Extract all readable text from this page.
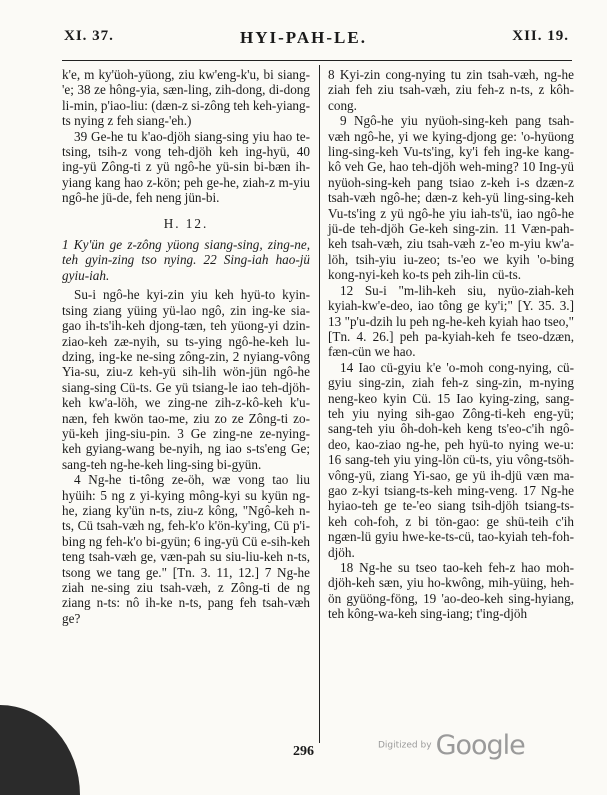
XI. 37.	HYI-PAH-LE.	XII. 19.

k'e, m ky'üoh-yüong, ziu kw'eng-k'u, bi siang-'e; 38 ze hông-yia, sæn-ling, zih-dong, di-dong li-min, p'iao-liu: (dæn-z si-zông teh keh-yiang-ts nying z feh siang-'eh.)

39 Ge-he tu k'ao-djöh siang-sing yiu hao te-tsing, tsih-z vong teh-djöh keh ing-hyü, 40 ing-yü Zông-ti z yü ngô-he yü-sin bi-bæn ih-yiang kang hao z-kön; peh ge-he, ziah-z m-yiu ngô-he jü-de, feh neng jün-bi.

H. 12.

1 Ky'ün ge z-zông yüong siang-sing, zing-ne, teh gyin-zing tso nying. 22 Sing-iah hao-jü gyiu-iah.

Su-i ngô-he kyi-zin yiu keh hyü-to kyin-tsing ziang yüing yü-lao ngô, zin ing-ke sia-gao ih-ts'ih-keh djong-tæn, teh yüong-yi dzin-ziao-keh zæ-nyih, su ts-ying ngô-he-keh lu-dzing, ing-ke ne-sing zông-zin, 2 nyiang-vông Yia-su, ziu-z keh-yü sih-lih wön-jün ngô-he siang-sing Cü-ts. Ge yü tsiang-le iao teh-djöh-keh kw'a-löh, we zing-ne zih-z-kô-keh k'u-næn, feh kwön tao-me, ziu zo ze Zông-ti zo-yü-keh jing-siu-pin. 3 Ge zing-ne ze-nying-keh gyiang-wang be-nyih, ng iao s-ts'eng Ge; sang-teh ng-he-keh ling-sing bi-gyün.

4 Ng-he ti-tông ze-öh, wæ vong tao liu hyüih: 5 ng z yi-kying mông-kyi su kyün ng-he, ziang ky'ün n-ts, ziu-z kông, "Ngô-keh n-ts, Cü tsah-væh ng, feh-k'o k'ön-ky'ing, Cü p'i-bing ng feh-k'o bi-gyün; 6 ing-yü Cü e-sih-keh teng tsah-væh ge, væn-pah su siu-liu-keh n-ts, tsong we tang ge." [Tn. 3. 11, 12.] 7 Ng-he ziah ne-sing ziu tsah-væh, z Zông-ti de ng ziang n-ts: nô ih-ke n-ts, pang feh tsah-væh ge?

8 Kyi-zin cong-nying tu zin tsah-væh, ng-he ziah feh ziu tsah-væh, ziu feh-z n-ts, z kôh-cong.

9 Ngô-he yiu nyüoh-sing-keh pang tsah-væh ngô-he, yi we kying-djong ge: 'o-hyüong ling-sing-keh Vu-ts'ing, ky'i feh ing-ke kang-kô veh Ge, hao teh-djöh weh-ming? 10 Ing-yü nyüoh-sing-keh pang tsiao z-keh i-s dzæn-z tsah-væh ngô-he; dæn-z keh-yü ling-sing-keh Vu-ts'ing z yü ngô-he yiu iah-ts'ü, iao ngô-he jü-de teh-djöh Ge-keh sing-zin. 11 Væn-pah-keh tsah-væh, ziu tsah-væh z-'eo m-yiu kw'a-löh, tsih-yiu iu-zeo; ts-'eo we kyih 'o-bing kong-nyi-keh ko-ts peh zih-lin cü-ts.

12 Su-i "m-lih-keh siu, nyüo-ziah-keh kyiah-kw'e-deo, iao tông ge ky'i;" [Y. 35. 3.] 13 "p'u-dzih lu peh ng-he-keh kyiah hao tseo," [Tn. 4. 26.] peh pa-kyiah-keh fe tseo-dzæn, fæn-cün we hao.

14 Iao cü-gyiu k'e 'o-moh cong-nying, cü-gyiu sing-zin, ziah feh-z sing-zin, m-nying neng-keo kyin Cü. 15 Iao kying-zing, sang-teh yiu nying sih-gao Zông-ti-keh eng-yü; sang-teh yiu ôh-doh-keh keng ts'eo-c'ih ngô-deo, kao-ziao ng-he, peh hyü-to nying we-u: 16 sang-teh yiu ying-lön cü-ts, yiu vông-tsöh-vông-yü, ziang Yi-sao, ge yü ih-djü væn ma-gao z-kyi tsiang-ts-keh ming-veng. 17 Ng-he hyiao-teh ge te-'eo siang tsih-djöh tsiang-ts-keh coh-foh, z bi tön-gao: ge shü-teih c'ih ngæn-lü gyiu hwe-ke-ts-cü, tao-kyiah teh-foh-djöh.

18 Ng-he su tseo tao-keh feh-z hao moh-djöh-keh sæn, yiu ho-kwông, mih-yüing, heh-ön gyüöng-föng, 19 'ao-deo-keh sing-hyiang, teh kông-wa-keh sing-iang; t'ing-djöh

296	Digitized by Google
